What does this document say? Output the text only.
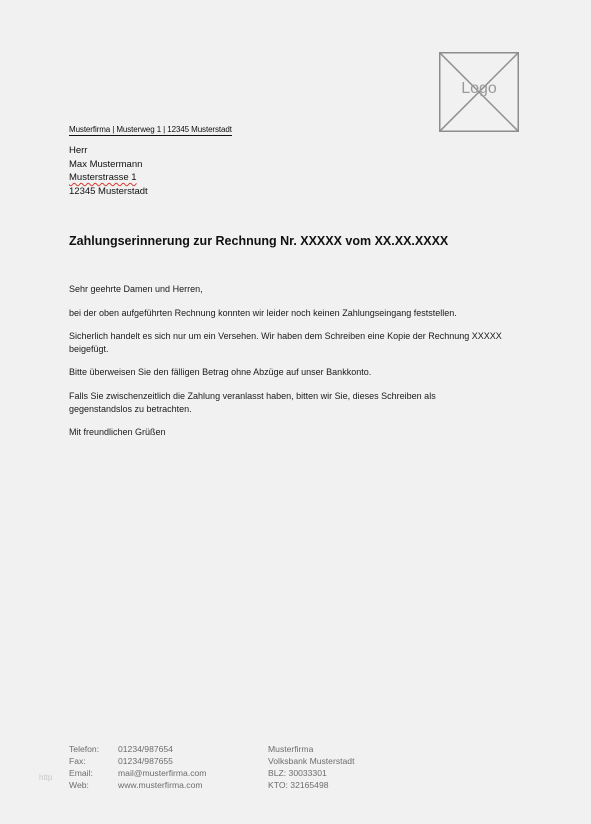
Logo
Musterfirma | Musterweg 1 | 12345 Musterstadt
Herr
Max Mustermann
Musterstrasse 1
12345 Musterstadt
Zahlungserinnerung zur Rechnung Nr. XXXXX vom XX.XX.XXXX
Sehr geehrte Damen und Herren,
bei der oben aufgeführten Rechnung konnten wir leider noch keinen Zahlungseingang feststellen.
Sicherlich handelt es sich nur um ein Versehen. Wir haben dem Schreiben eine Kopie der Rechnung XXXXX beigefügt.
Bitte überweisen Sie den fälligen Betrag ohne Abzüge auf unser Bankkonto.
Falls Sie zwischenzeitlich die Zahlung veranlasst haben, bitten wir Sie, dieses Schreiben als gegenstandslos zu betrachten.
Mit freundlichen Grüßen
Telefon:
Fax:
Email:
Web:
01234/987654
01234/987655
mail@musterfirma.com
www.musterfirma.com
Musterfirma
Volksbank Musterstadt
BLZ: 30033301
KTO: 32165498
http
